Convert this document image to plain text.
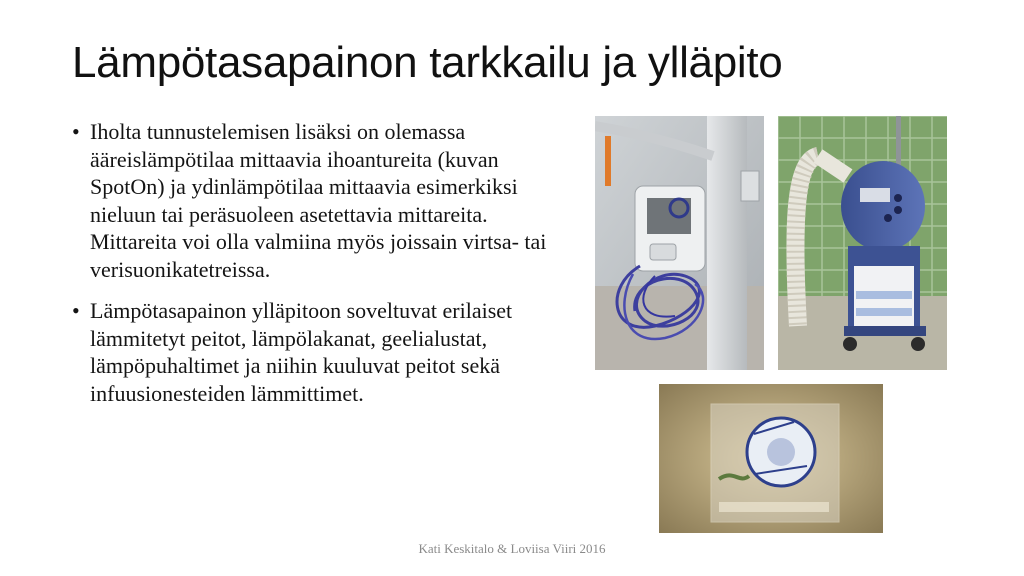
Lämpötasapainon tarkkailu ja ylläpito
• Iholta tunnustelemisen lisäksi on olemassa ääreislämpötilaa mittaavia ihoantureita (kuvan SpotOn) ja ydinlämpötilaa mittaavia esimerkiksi nieluun tai peräsuoleen asetettavia mittareita. Mittareita voi olla valmiina myös joissain virtsa- tai verisuonikatetreissa.
• Lämpötasapainon ylläpitoon soveltuvat erilaiset lämmitetyt peitot, lämpölakanat, geelialustat, lämpöpuhaltimet ja niihin kuuluvat peitot sekä infuusionesteiden lämmittimet.
Kati Keskitalo & Loviisa Viiri 2016
